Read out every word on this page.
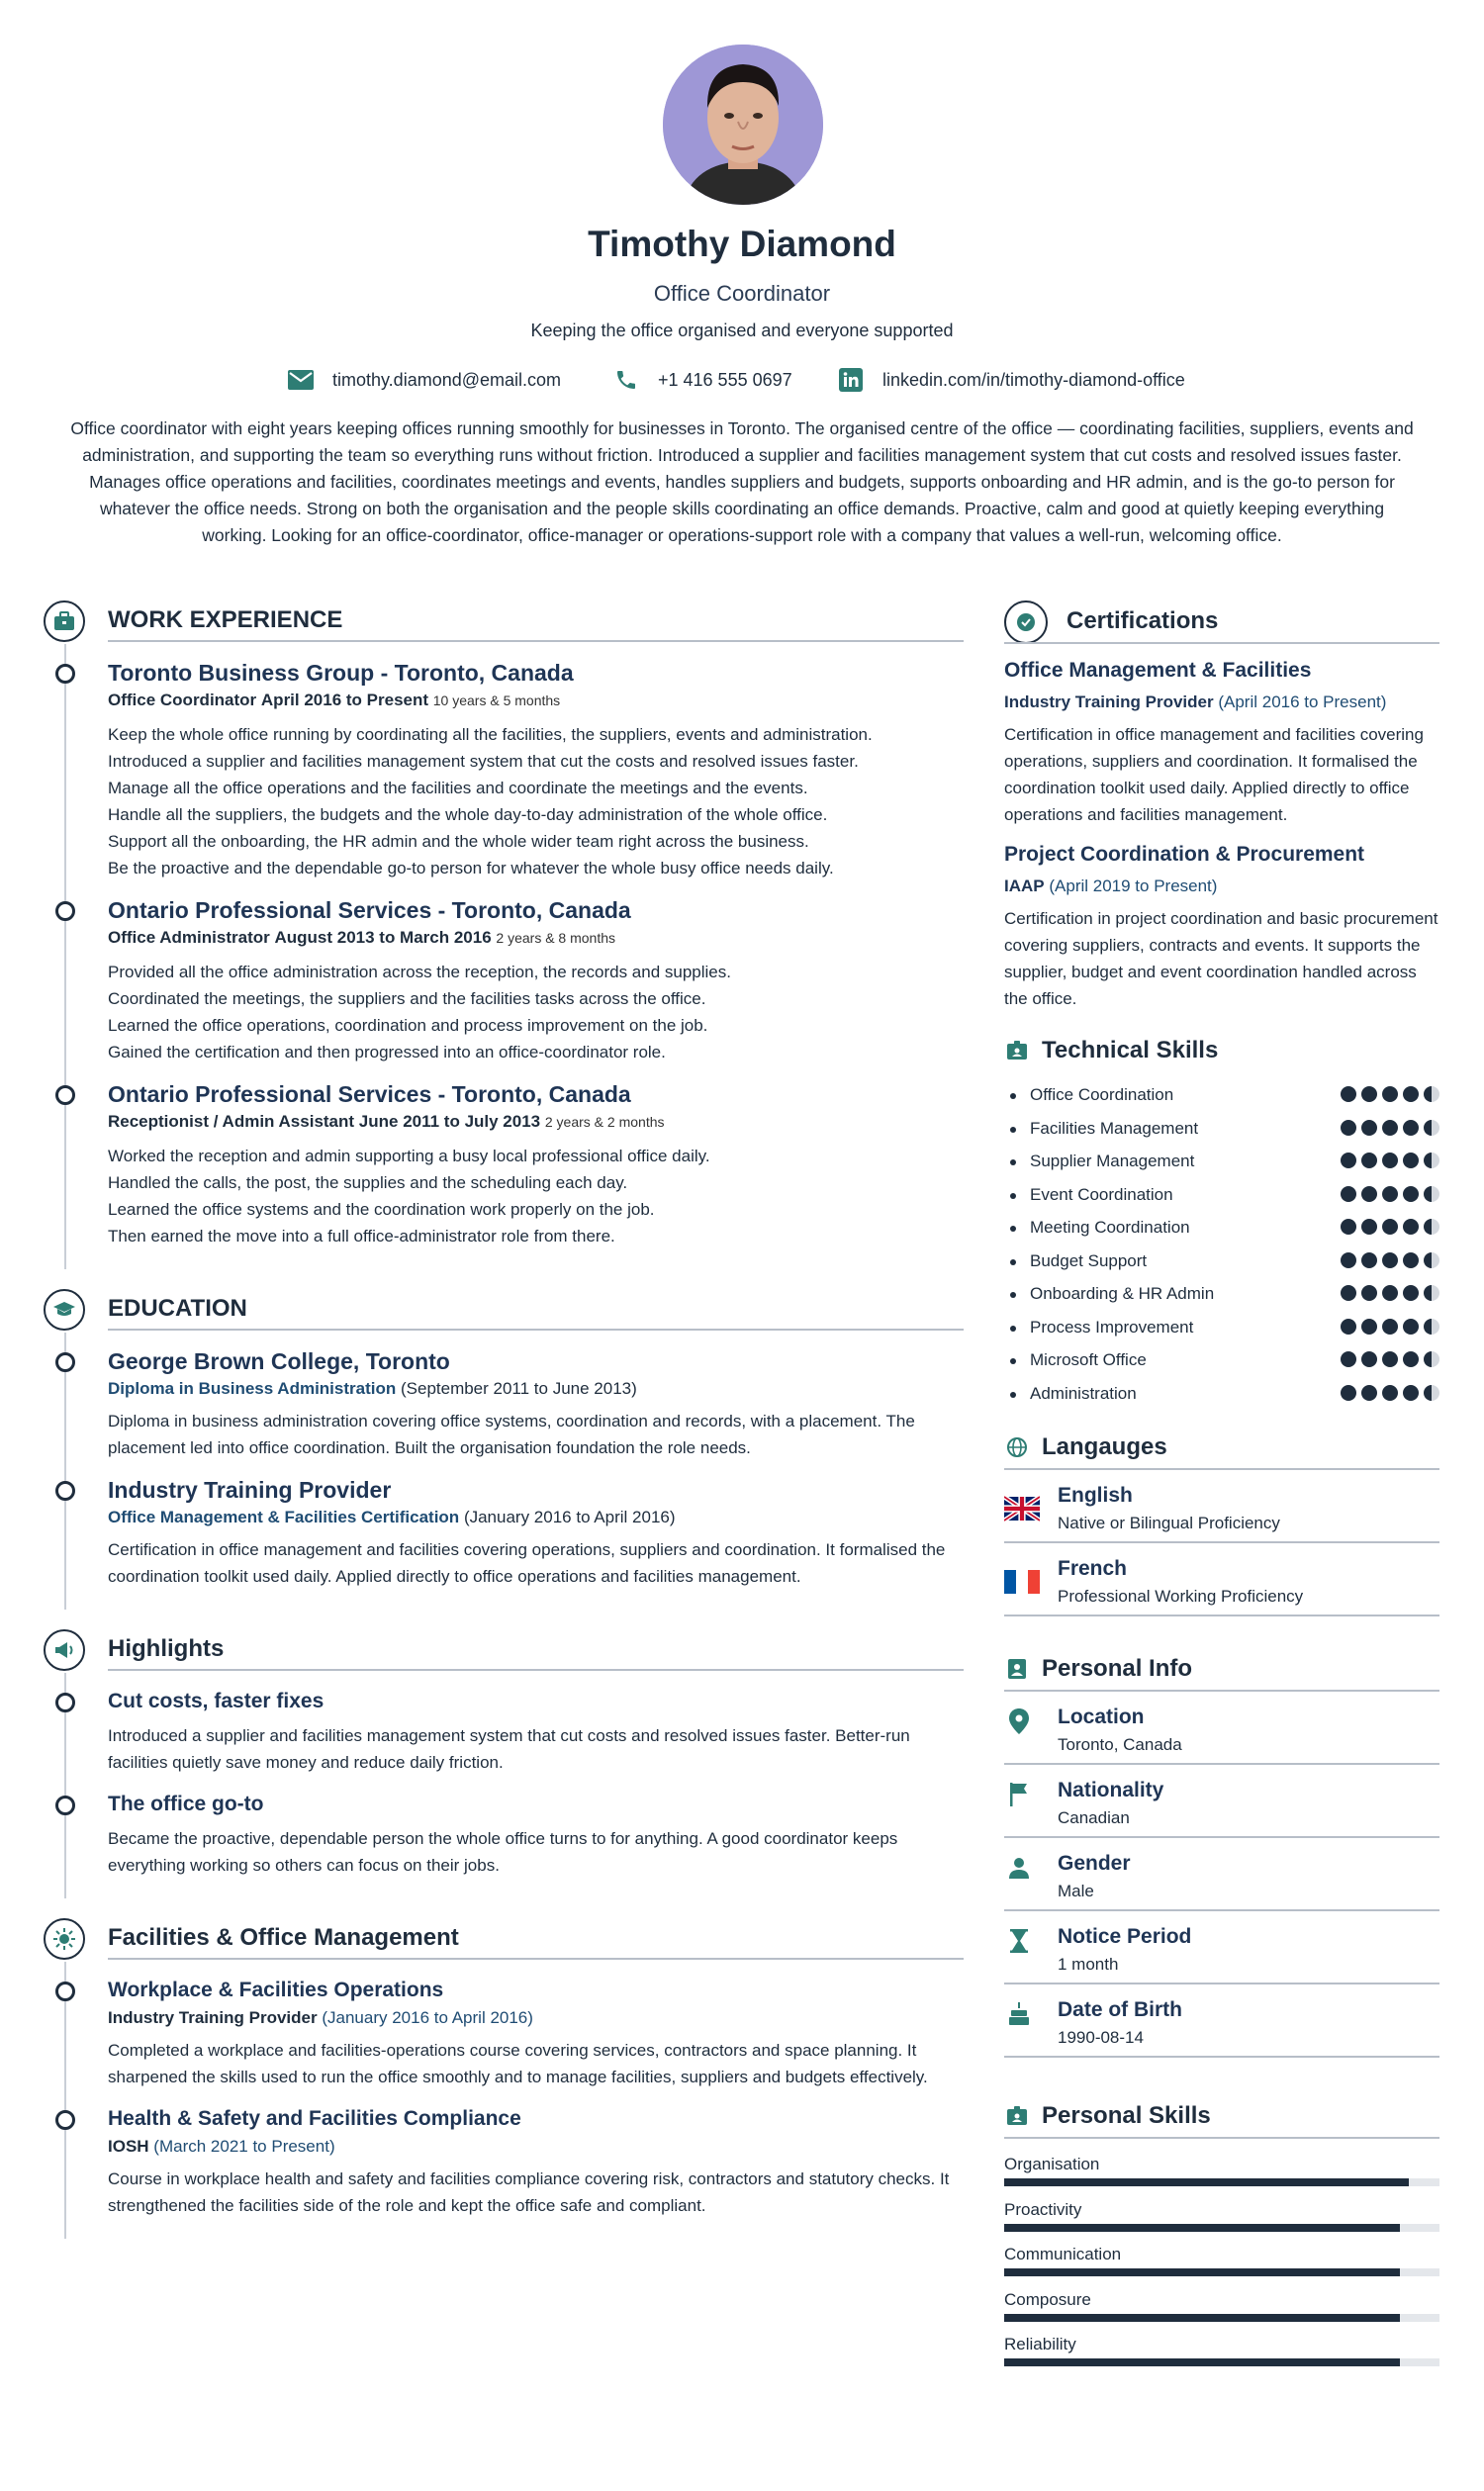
Timothy Diamond
Office Coordinator
Keeping the office organised and everyone supported
timothy.diamond@email.com	+1 416 555 0697	linkedin.com/in/timothy-diamond-office

Office coordinator with eight years keeping offices running smoothly for businesses in Toronto. The organised centre of the office — coordinating facilities, suppliers, events and administration, and supporting the team so everything runs without friction. Introduced a supplier and facilities management system that cut costs and resolved issues faster. Manages office operations and facilities, coordinates meetings and events, handles suppliers and budgets, supports onboarding and HR admin, and is the go-to person for whatever the office needs. Strong on both the organisation and the people skills coordinating an office demands. Proactive, calm and good at quietly keeping everything working. Looking for an office-coordinator, office-manager or operations-support role with a company that values a well-run, welcoming office.

WORK EXPERIENCE
Toronto Business Group - Toronto, Canada
Office Coordinator April 2016 to Present 10 years & 5 months
Keep the whole office running by coordinating all the facilities, the suppliers, events and administration.
Introduced a supplier and facilities management system that cut the costs and resolved issues faster.
Manage all the office operations and the facilities and coordinate the meetings and the events.
Handle all the suppliers, the budgets and the whole day-to-day administration of the whole office.
Support all the onboarding, the HR admin and the whole wider team right across the business.
Be the proactive and the dependable go-to person for whatever the whole busy office needs daily.
Ontario Professional Services - Toronto, Canada
Office Administrator August 2013 to March 2016 2 years & 8 months
Provided all the office administration across the reception, the records and supplies.
Coordinated the meetings, the suppliers and the facilities tasks across the office.
Learned the office operations, coordination and process improvement on the job.
Gained the certification and then progressed into an office-coordinator role.
Ontario Professional Services - Toronto, Canada
Receptionist / Admin Assistant June 2011 to July 2013 2 years & 2 months
Worked the reception and admin supporting a busy local professional office daily.
Handled the calls, the post, the supplies and the scheduling each day.
Learned the office systems and the coordination work properly on the job.
Then earned the move into a full office-administrator role from there.
EDUCATION
George Brown College, Toronto
Diploma in Business Administration (September 2011 to June 2013)
Diploma in business administration covering office systems, coordination and records, with a placement. The placement led into office coordination. Built the organisation foundation the role needs.
Industry Training Provider
Office Management & Facilities Certification (January 2016 to April 2016)
Certification in office management and facilities covering operations, suppliers and coordination. It formalised the coordination toolkit used daily. Applied directly to office operations and facilities management.
Highlights
Cut costs, faster fixes
Introduced a supplier and facilities management system that cut costs and resolved issues faster. Better-run facilities quietly save money and reduce daily friction.
The office go-to
Became the proactive, dependable person the whole office turns to for anything. A good coordinator keeps everything working so others can focus on their jobs.
Facilities & Office Management
Workplace & Facilities Operations
Industry Training Provider (January 2016 to April 2016)
Completed a workplace and facilities-operations course covering services, contractors and space planning. It sharpened the skills used to run the office smoothly and to manage facilities, suppliers and budgets effectively.
Health & Safety and Facilities Compliance
IOSH (March 2021 to Present)
Course in workplace health and safety and facilities compliance covering risk, contractors and statutory checks. It strengthened the facilities side of the role and kept the office safe and compliant.
Certifications
Office Management & Facilities
Industry Training Provider (April 2016 to Present)
Certification in office management and facilities covering operations, suppliers and coordination. It formalised the coordination toolkit used daily. Applied directly to office operations and facilities management.
Project Coordination & Procurement
IAAP (April 2019 to Present)
Certification in project coordination and basic procurement covering suppliers, contracts and events. It supports the supplier, budget and event coordination handled across the office.
Technical Skills
Office Coordination
Facilities Management
Supplier Management
Event Coordination
Meeting Coordination
Budget Support
Onboarding & HR Admin
Process Improvement
Microsoft Office
Administration
Langauges
English
Native or Bilingual Proficiency
French
Professional Working Proficiency
Personal Info
Location
Toronto, Canada
Nationality
Canadian
Gender
Male
Notice Period
1 month
Date of Birth
1990-08-14
Personal Skills
Organisation
Proactivity
Communication
Composure
Reliability
